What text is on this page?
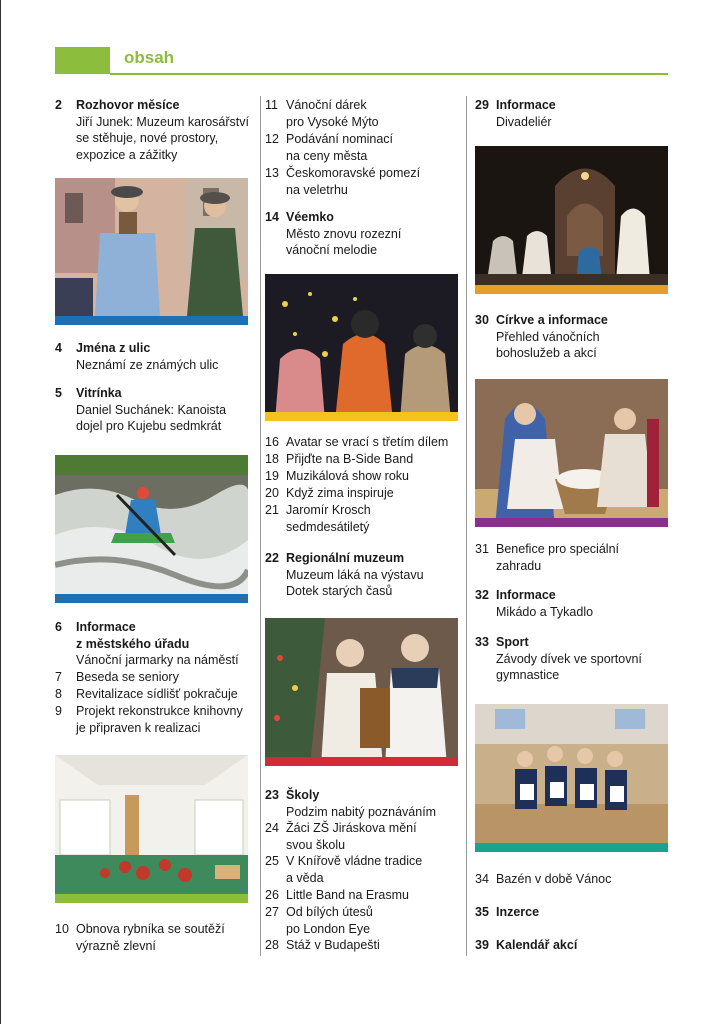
obsah
2 Rozhovor měsíce
Jiří Junek: Muzeum karosářství
se stěhuje, nové prostory,
expozice a zážitky
4 Jména z ulic
Neznámí ze známých ulic
5 Vitrínka
Daniel Suchánek: Kanoista
dojel pro Kujebu sedmkrát
6 Informace
z městského úřadu
Vánoční jarmarky na náměstí
7 Beseda se seniory
8 Revitalizace sídlišť pokračuje
9 Projekt rekonstrukce knihovny
je připraven k realizaci
10 Obnova rybníka se soutěží
výrazně zlevní
11 Vánoční dárek
pro Vysoké Mýto
12 Podávání nominací
na ceny města
13 Českomoravské pomezí
na veletrhu
14 Véemko
Město znovu rozezní
vánoční melodie
16 Avatar se vrací s třetím dílem
18 Přijďte na B-Side Band
19 Muzikálová show roku
20 Když zima inspiruje
21 Jaromír Krosch
sedmdesátiletý
22 Regionální muzeum
Muzeum láká na výstavu
Dotek starých časů
23 Školy
Podzim nabitý poznáváním
24 Žáci ZŠ Jiráskova mění
svou školu
25 V Knířově vládne tradice
a věda
26 Little Band na Erasmu
27 Od bílých útesů
po London Eye
28 Stáž v Budapešti
29 Informace
Divadeliér
30 Církve a informace
Přehled vánočních
bohoslužeb a akcí
31 Benefice pro speciální
zahradu
32 Informace
Mikádo a Tykadlo
33 Sport
Závody dívek ve sportovní
gymnastice
34 Bazén v době Vánoc
35 Inzerce
39 Kalendář akcí
